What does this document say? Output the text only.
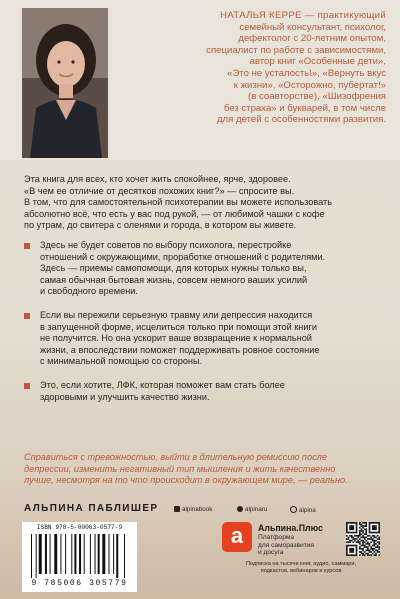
НАТАЛЬЯ КЕРРЕ — практикующий
семейный консультант, психолог,
дефектолог с 20-летним опытом,
специалист по работе с зависимостями,
автор книг «Особенные дети»,
«Это не усталость!», «Вернуть вкус
к жизни», «Осторожно, пубертат!»
(в соавторстве), «Шизофрения
без страха» и букварей, в том числе
для детей с особенностями развития.

Эта книга для всех, кто хочет жить спокойнее, ярче, здоровее.

«В чем ее отличие от десятков похожих книг?» — спросите вы.

В том, что для самостоятельной психотерапии вы можете использовать

абсолютно всё, что есть у вас под рукой, — от любимой чашки с кофе

по утрам, до свитера с оленями и города, в котором вы живете.

Здесь не будет советов по выбору психолога, перестройке
отношений с окружающими, проработке отношений с родителями.
Здесь — приемы самопомощи, для которых нужны только вы,
самая обычная бытовая жизнь, совсем немного ваших усилий
и свободного времени.
Если вы пережили серьезную травму или депрессия находится
в запущенной форме, исцелиться только при помощи этой книги
не получится. Но она ускорит ваше возвращение к нормальной
жизни, а впоследствии поможет поддерживать ровное состояние
с минимальной помощью со стороны.
Это, если хотите, ЛФК, которая поможет вам стать более
здоровыми и улучшить качество жизни.
Справиться с тревожностью, выйти в длительную ремиссию после
депрессии, изменить негативный тип мышления и жить качественно
лучше, несмотря на то что происходит в окружающем мире, — реально.
АЛЬПИНА ПАБЛИШЕР	alpinabook	alpinaru	alpina
ISBN 978-5-00063-0577-9
9 785006 305779
a	Альпина.Плюс
Платформа
для саморазвития
и досуга
Подписка на тысячи книг, аудио, саммари,
подкастов, вебинаров и курсов
